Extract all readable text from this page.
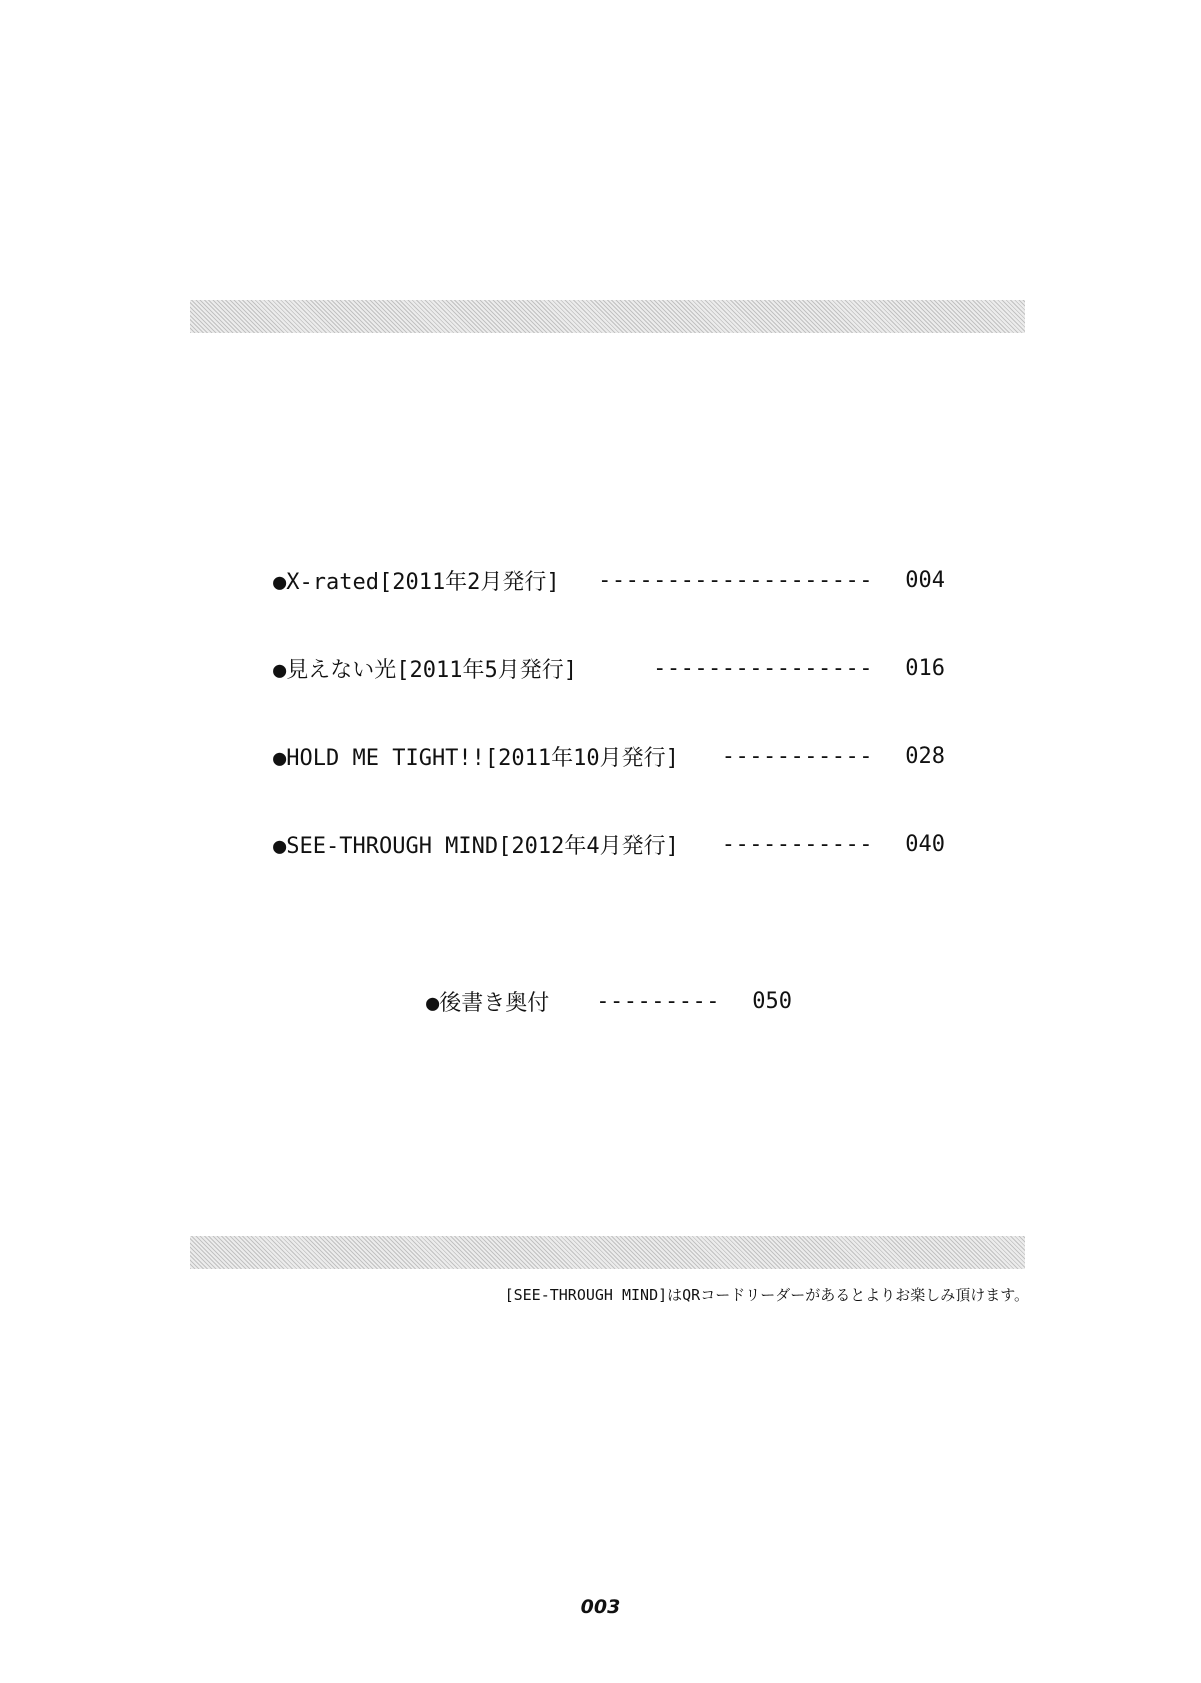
●X-rated[2011年2月発行]	--------------------	004
●見えない光[2011年5月発行]	----------------	016
●HOLD ME TIGHT!![2011年10月発行]	-----------	028
●SEE-THROUGH MIND[2012年4月発行]	-----------	040
●後書き奥付	---------	050
[SEE-THROUGH MIND]はQRコードリーダーがあるとよりお楽しみ頂けます。
003
